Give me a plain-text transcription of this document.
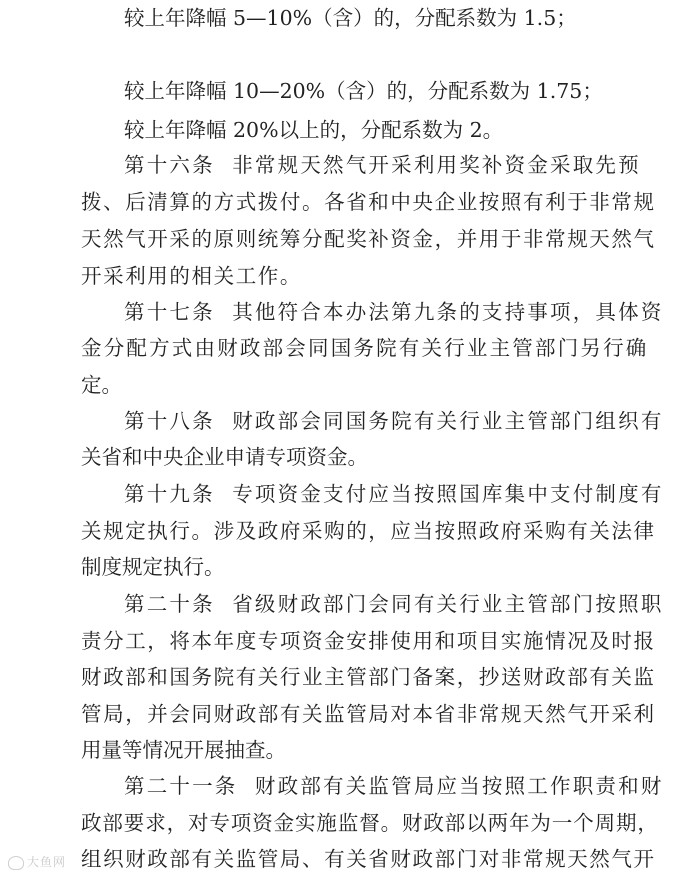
较上年降幅 5—10%（含）的，分配系数为 1.5；
较上年降幅 10—20%（含）的，分配系数为 1.75；
较上年降幅 20%以上的，分配系数为 2。
第十六条  非常规天然气开采利用奖补资金采取先预
拨、后清算的方式拨付。各省和中央企业按照有利于非常规
天然气开采的原则统筹分配奖补资金，并用于非常规天然气
开采利用的相关工作。
第十七条  其他符合本办法第九条的支持事项，具体资
金分配方式由财政部会同国务院有关行业主管部门另行确
定。
第十八条  财政部会同国务院有关行业主管部门组织有
关省和中央企业申请专项资金。
第十九条  专项资金支付应当按照国库集中支付制度有
关规定执行。涉及政府采购的，应当按照政府采购有关法律
制度规定执行。
第二十条  省级财政部门会同有关行业主管部门按照职
责分工，将本年度专项资金安排使用和项目实施情况及时报
财政部和国务院有关行业主管部门备案，抄送财政部有关监
管局，并会同财政部有关监管局对本省非常规天然气开采利
用量等情况开展抽查。
第二十一条  财政部有关监管局应当按照工作职责和财
政部要求，对专项资金实施监督。财政部以两年为一个周期，
组织财政部有关监管局、有关省财政部门对非常规天然气开
大鱼网
